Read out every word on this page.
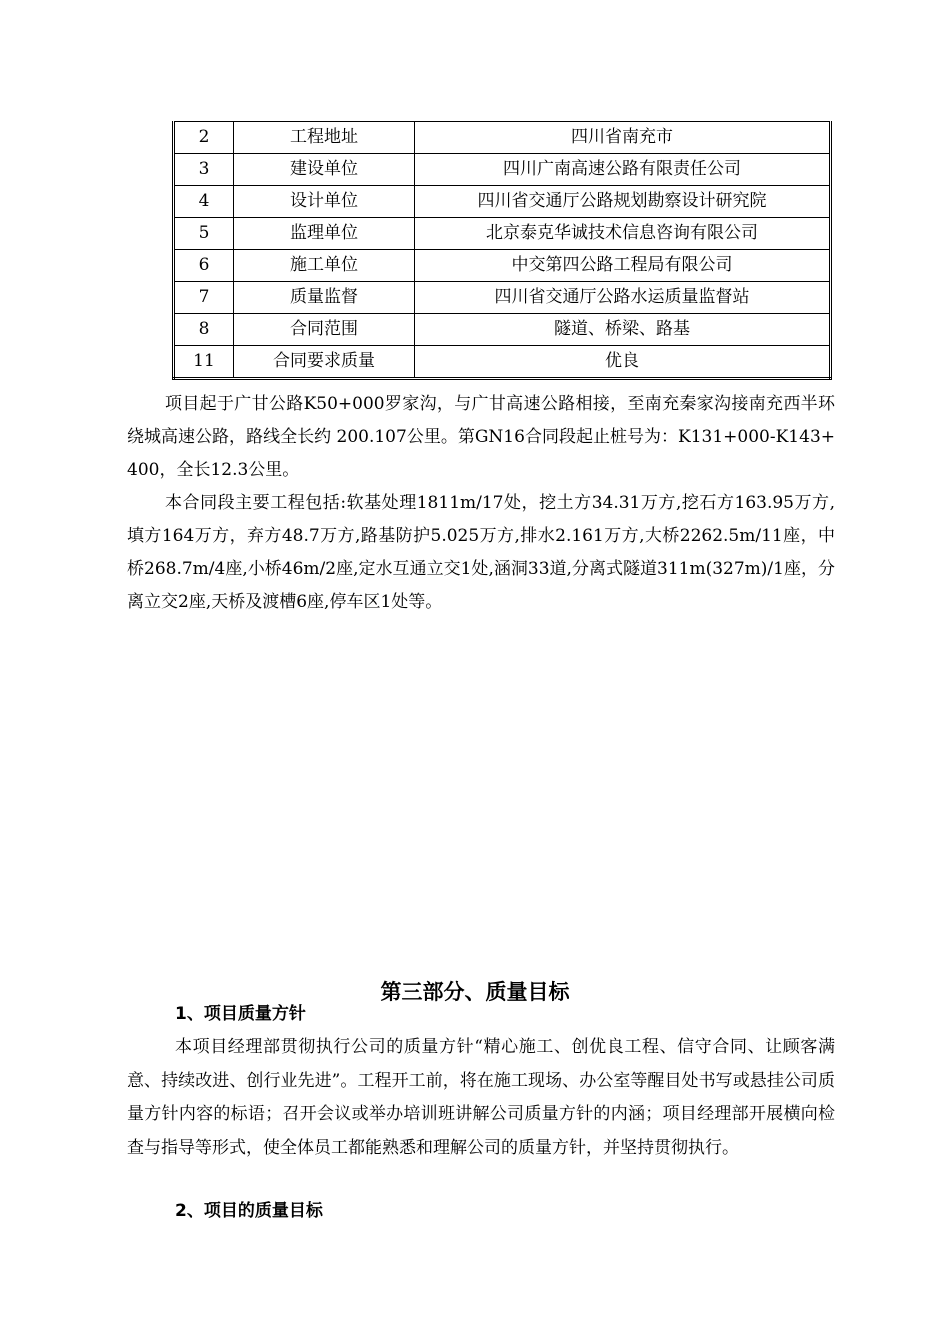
2	工程地址	四川省南充市
3	建设单位	四川广南高速公路有限责任公司
4	设计单位	四川省交通厅公路规划勘察设计研究院
5	监理单位	北京泰克华诚技术信息咨询有限公司
6	施工单位	中交第四公路工程局有限公司
7	质量监督	四川省交通厅公路水运质量监督站
8	合同范围	隧道、桥梁、路基
11	合同要求质量	优良

项目起于广甘公路K50+000罗家沟，与广甘高速公路相接，至南充秦家沟接南充西半环绕城高速公路，路线全长约 200.107公里。第GN16合同段起止桩号为：K131+000-K143+400，全长12.3公里。

本合同段主要工程包括:软基处理1811m/17处，挖土方34.31万方,挖石方163.95万方,填方164万方，弃方48.7万方,路基防护5.025万方,排水2.161万方,大桥2262.5m/11座，中桥268.7m/4座,小桥46m/2座,定水互通立交1处,涵洞33道,分离式隧道311m(327m)/1座，分离立交2座,天桥及渡槽6座,停车区1处等。

第三部分、质量目标
1、项目质量方针

本项目经理部贯彻执行公司的质量方针“精心施工、创优良工程、信守合同、让顾客满意、持续改进、创行业先进”。工程开工前，将在施工现场、办公室等醒目处书写或悬挂公司质量方针内容的标语；召开会议或举办培训班讲解公司质量方针的内涵；项目经理部开展横向检查与指导等形式，使全体员工都能熟悉和理解公司的质量方针，并坚持贯彻执行。

2、项目的质量目标
